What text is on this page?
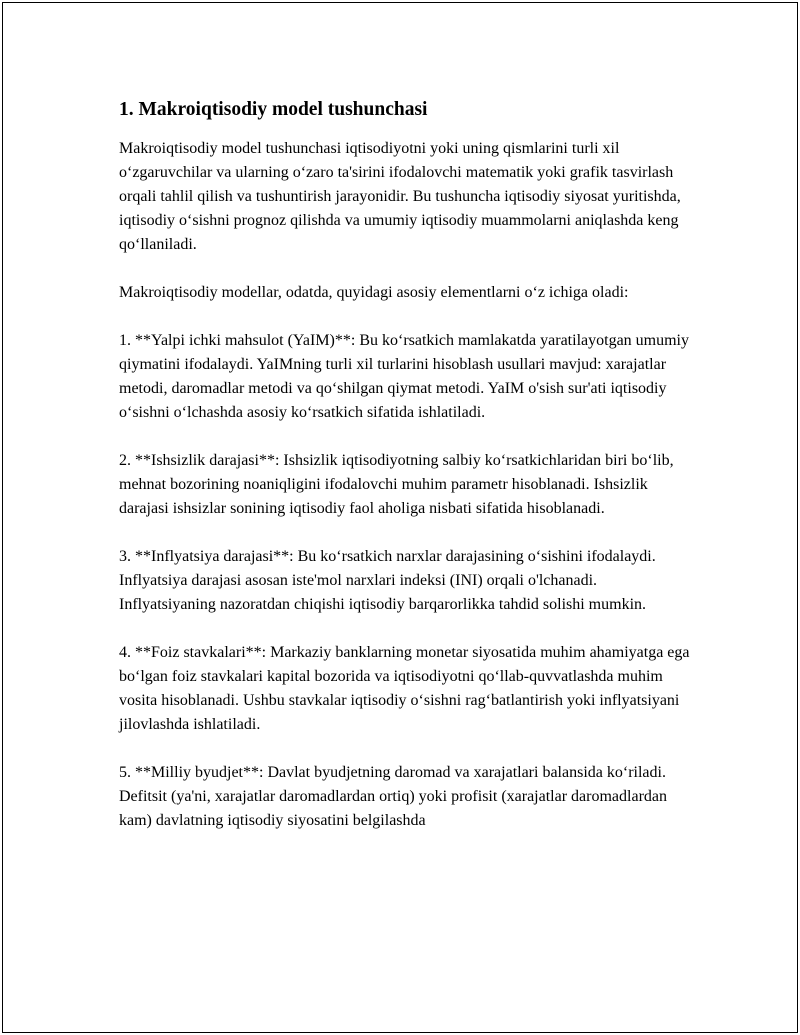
1. Makroiqtisodiy model tushunchasi

Makroiqtisodiy model tushunchasi iqtisodiyotni yoki uning qismlarini turli xil o‘zgaruvchilar va ularning o‘zaro ta'sirini ifodalovchi matematik yoki grafik tasvirlash orqali tahlil qilish va tushuntirish jarayonidir. Bu tushuncha iqtisodiy siyosat yuritishda, iqtisodiy o‘sishni prognoz qilishda va umumiy iqtisodiy muammolarni aniqlashda keng qo‘llaniladi.

Makroiqtisodiy modellar, odatda, quyidagi asosiy elementlarni o‘z ichiga oladi:

1. **Yalpi ichki mahsulot (YaIM)**: Bu ko‘rsatkich mamlakatda yaratilayotgan umumiy qiymatini ifodalaydi. YaIMning turli xil turlarini hisoblash usullari mavjud: xarajatlar metodi, daromadlar metodi va qo‘shilgan qiymat metodi. YaIM o'sish sur'ati iqtisodiy o‘sishni o‘lchashda asosiy ko‘rsatkich sifatida ishlatiladi.

2. **Ishsizlik darajasi**: Ishsizlik iqtisodiyotning salbiy ko‘rsatkichlaridan biri bo‘lib, mehnat bozorining noaniqligini ifodalovchi muhim parametr hisoblanadi. Ishsizlik darajasi ishsizlar sonining iqtisodiy faol aholiga nisbati sifatida hisoblanadi.

3. **Inflyatsiya darajasi**: Bu ko‘rsatkich narxlar darajasining o‘sishini ifodalaydi. Inflyatsiya darajasi asosan iste'mol narxlari indeksi (INI) orqali o'lchanadi. Inflyatsiyaning nazoratdan chiqishi iqtisodiy barqarorlikka tahdid solishi mumkin.

4. **Foiz stavkalari**: Markaziy banklarning monetar siyosatida muhim ahamiyatga ega bo‘lgan foiz stavkalari kapital bozorida va iqtisodiyotni qo‘llab-quvvatlashda muhim vosita hisoblanadi. Ushbu stavkalar iqtisodiy o‘sishni rag‘batlantirish yoki inflyatsiyani jilovlashda ishlatiladi.

5. **Milliy byudjet**: Davlat byudjetning daromad va xarajatlari balansida ko‘riladi. Defitsit (ya'ni, xarajatlar daromadlardan ortiq) yoki profisit (xarajatlar daromadlardan kam) davlatning iqtisodiy siyosatini belgilashda
